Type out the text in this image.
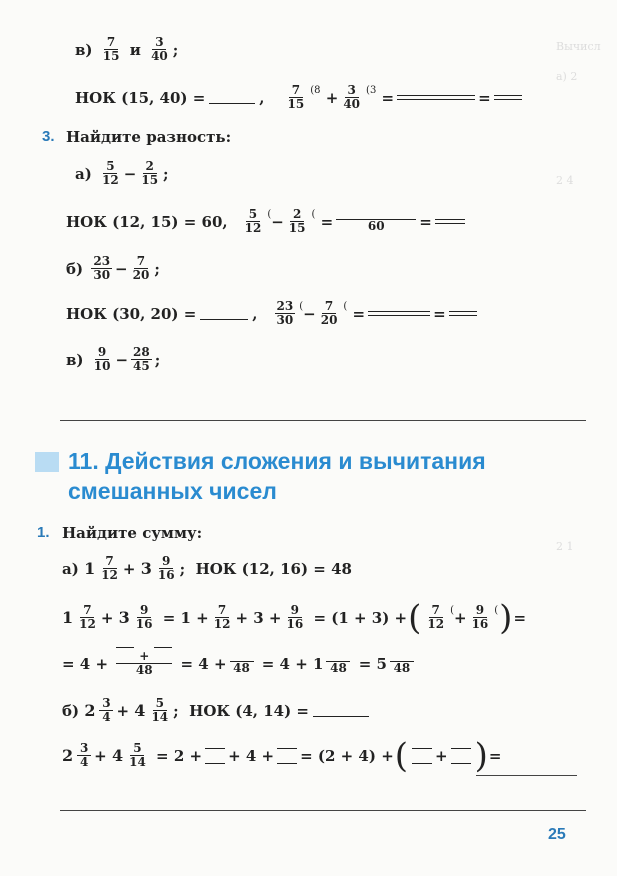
Вычисл
а) 2
2 4
2 1
в)
$\frac{7}{15}$
и
$\frac{3}{40}$ ;
НОК (15, 40) =	, $\frac{7}{15} (8$
+ $\frac{3}{40} (3$ =	=
3. Найдите разность:
а)
$\frac{5}{12} - \frac{2}{15}$ ;
НОК (12, 15) = 60, $\frac{5}{12}$ ( − $\frac{2}{15}$ ( =	60 =
б)
$\frac{23}{30} - \frac{7}{20}$ ;
НОК (30, 20) =	, $\frac{23}{30}$ ( − $\frac{7}{20}$ ( =	=
в)
$\frac{9}{10} - \frac{28}{45}$ ;
11. Действия сложения и вычитания
смешанных чисел
1. Найдите сумму:
а)
$1 \frac{7}{12}$ +
$3 \frac{9}{16}$ ;
НОК (12, 16) = 48
$1 \frac{7}{12}$ +
$3 \frac{9}{16}$
= $1 + \frac{7}{12} + 3 + \frac{9}{16}$
= (1 + 3) + ( $\frac{7}{12}$ ( + $\frac{9}{16}$ ( ) =
= 4 +
$\frac{+}{48}$
= 4 + 48
= 4 + 1 48
= 5 48
б)
$2 \frac{3}{4}$ +
$4 \frac{5}{14}$ ;
НОК (4, 14) =
$2 \frac{3}{4}$ +
$4 \frac{5}{14}$
= 2 + + 4 + = (2 + 4) + ( + ) =
25
